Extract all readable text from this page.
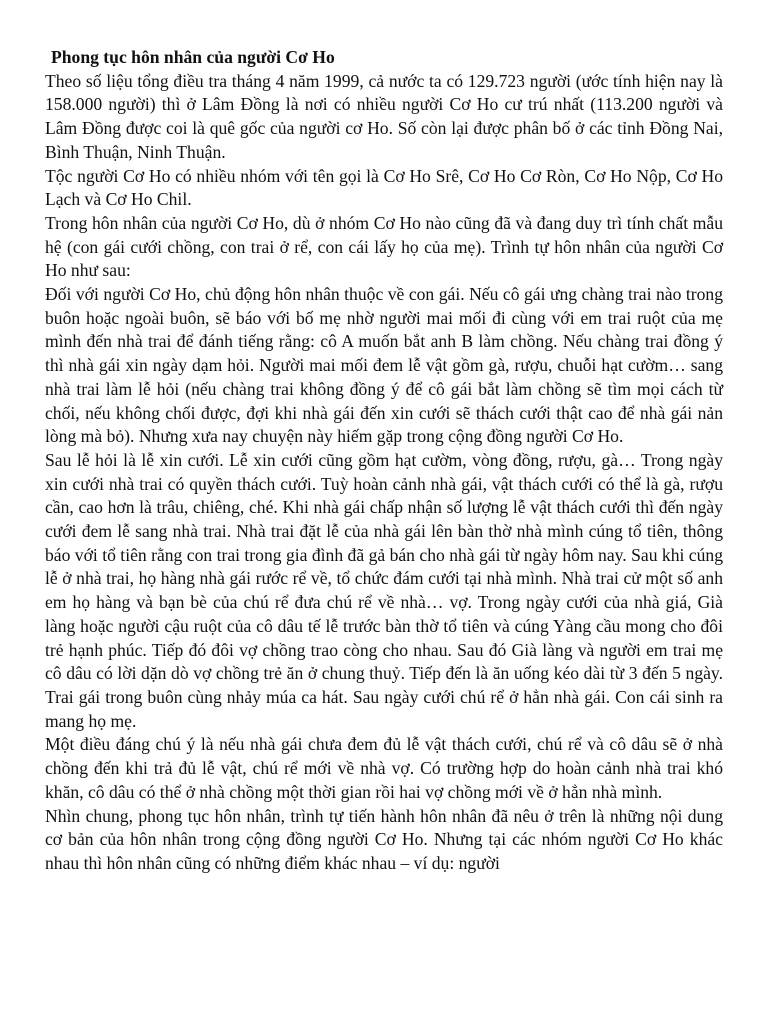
Phong tục hôn nhân của người Cơ Ho

Theo số liệu tổng điều tra tháng 4 năm 1999, cả nước ta có 129.723 người (ước tính hiện nay là 158.000 người) thì ở Lâm Đồng là nơi có nhiều người Cơ Ho cư trú nhất (113.200 người và Lâm Đồng được coi là quê gốc của người cơ Ho. Số còn lại được phân bố ở các tỉnh Đồng Nai, Bình Thuận, Ninh Thuận.

Tộc người Cơ Ho có nhiều nhóm với tên gọi là Cơ Ho Srê, Cơ Ho Cơ Ròn, Cơ Ho Nộp, Cơ Ho Lạch và Cơ Ho Chil.

Trong hôn nhân của người Cơ Ho, dù ở nhóm Cơ Ho nào cũng đã và đang duy trì tính chất mẫu hệ (con gái cưới chồng, con trai ở rể, con cái lấy họ của mẹ). Trình tự hôn nhân của người Cơ Ho như sau:

Đối với người Cơ Ho, chủ động hôn nhân thuộc về con gái. Nếu cô gái ưng chàng trai nào trong buôn hoặc ngoài buôn, sẽ báo với bố mẹ nhờ người mai mối đi cùng với em trai ruột của mẹ mình đến nhà trai để đánh tiếng rằng: cô A muốn bắt anh B làm chồng. Nếu chàng trai đồng ý thì nhà gái xin ngày dạm hỏi. Người mai mối đem lễ vật gồm gà, rượu, chuỗi hạt cườm… sang nhà trai làm lễ hỏi (nếu chàng trai không đồng ý để cô gái bắt làm chồng sẽ tìm mọi cách từ chối, nếu không chối được, đợi khi nhà gái đến xin cưới sẽ thách cưới thật cao để nhà gái nản lòng mà bỏ). Nhưng xưa nay chuyện này hiếm gặp trong cộng đồng người Cơ Ho.

Sau lễ hỏi là lễ xin cưới. Lễ xin cưới cũng gồm hạt cườm, vòng đồng, rượu, gà… Trong ngày xin cưới nhà trai có quyền thách cưới. Tuỳ hoàn cảnh nhà gái, vật thách cưới có thể là gà, rượu cần, cao hơn là trâu, chiêng, ché. Khi nhà gái chấp nhận số lượng lễ vật thách cưới thì đến ngày cưới đem lễ sang nhà trai. Nhà trai đặt lễ của nhà gái lên bàn thờ nhà mình cúng tổ tiên, thông báo với tổ tiên rằng con trai trong gia đình đã gả bán cho nhà gái từ ngày hôm nay. Sau khi cúng lễ ở nhà trai, họ hàng nhà gái rước rể về, tổ chức đám cưới tại nhà mình. Nhà trai cử một số anh em họ hàng và bạn bè của chú rể đưa chú rể về nhà… vợ. Trong ngày cưới của nhà giá, Già làng hoặc người cậu ruột của cô dâu tế lễ trước bàn thờ tổ tiên và cúng Yàng cầu mong cho đôi trẻ hạnh phúc. Tiếp đó đôi vợ chồng trao còng cho nhau. Sau đó Già làng và người em trai mẹ cô dâu có lời dặn dò vợ chồng trẻ ăn ở chung thuỷ. Tiếp đến là ăn uống kéo dài từ 3 đến 5 ngày. Trai gái trong buôn cùng nhảy múa ca hát. Sau ngày cưới chú rể ở hẳn nhà gái. Con cái sinh ra mang họ mẹ.

Một điều đáng chú ý là nếu nhà gái chưa đem đủ lễ vật thách cưới, chú rể và cô dâu sẽ ở nhà chồng đến khi trả đủ lễ vật, chú rể mới về nhà vợ. Có trường hợp do hoàn cảnh nhà trai khó khăn, cô dâu có thể ở nhà chồng một thời gian rồi hai vợ chồng mới về ở hẳn nhà mình.

Nhìn chung, phong tục hôn nhân, trình tự tiến hành hôn nhân đã nêu ở trên là những nội dung cơ bản của hôn nhân trong cộng đồng người Cơ Ho. Nhưng tại các nhóm người Cơ Ho khác nhau thì hôn nhân cũng có những điểm khác nhau – ví dụ: người
